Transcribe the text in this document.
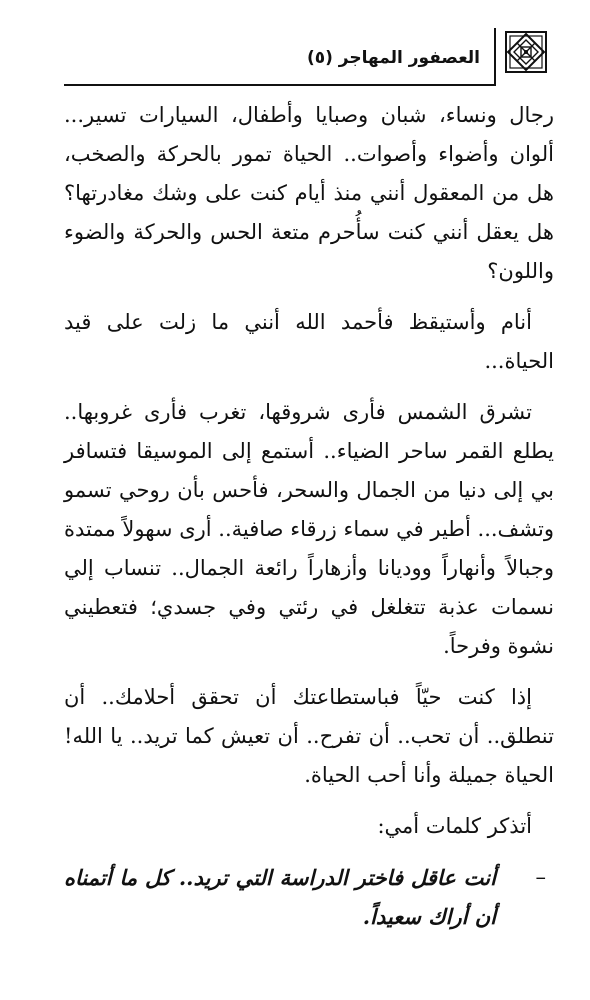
العصفور المهاجر (٥)

رجال ونساء، شبان وصبايا وأطفال، السيارات تسير... ألوان وأضواء وأصوات.. الحياة تمور بالحركة والصخب، هل من المعقول أنني منذ أيام كنت على وشك مغادرتها؟ هل يعقل أنني كنت سأُحرم متعة الحس والحركة والضوء واللون؟

أنام وأستيقظ فأحمد الله أنني ما زلت على قيد الحياة...

تشرق الشمس فأرى شروقها، تغرب فأرى غروبها.. يطلع القمر ساحر الضياء.. أستمع إلى الموسيقا فتسافر بي إلى دنيا من الجمال والسحر، فأحس بأن روحي تسمو وتشف... أطير في سماء زرقاء صافية.. أرى سهولاً ممتدة وجبالاً وأنهاراً ووديانا وأزهاراً رائعة الجمال.. تنساب إلي نسمات عذبة تتغلغل في رئتي وفي جسدي؛ فتعطيني نشوة وفرحاً.

إذا كنت حيّاً فباستطاعتك أن تحقق أحلامك.. أن تنطلق.. أن تحب.. أن تفرح.. أن تعيش كما تريد.. يا الله! الحياة جميلة وأنا أحب الحياة.

أتذكر كلمات أمي:

–
أنت عاقل فاختر الدراسة التي تريد.. كل ما أتمناه أن أراك سعيداً.
